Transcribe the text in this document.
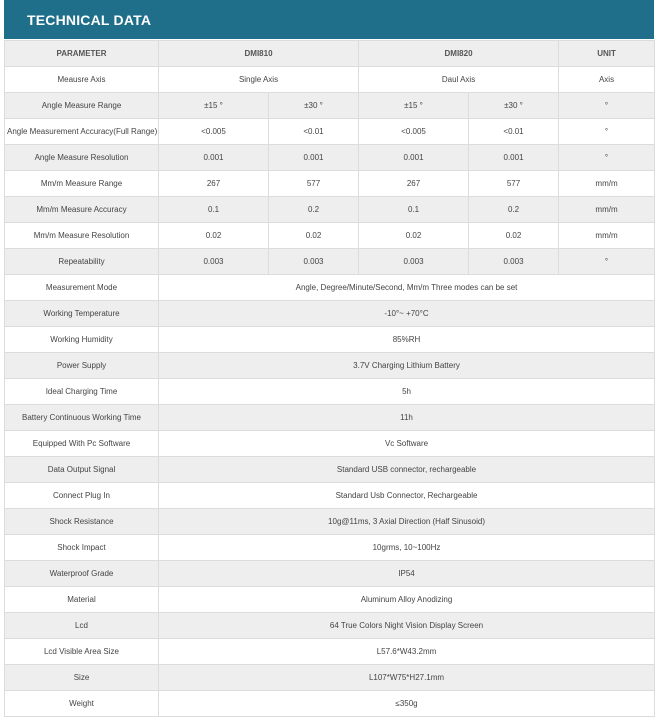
TECHNICAL DATA
PARAMETER	DMI810		DMI820		UNIT
Meausre Axis	Single Axis		Daul Axis		Axis
Angle Measure Range	±15 °	±30 °	±15 °	±30 °	°
Angle Measurement Accuracy(Full Range)	<0.005	<0.01	<0.005	<0.01	°
Angle Measure Resolution	0.001	0.001	0.001	0.001	°
Mm/m Measure Range	267	577	267	577	mm/m
Mm/m Measure Accuracy	0.1	0.2	0.1	0.2	mm/m
Mm/m Measure Resolution	0.02	0.02	0.02	0.02	mm/m
Repeatability	0.003	0.003	0.003	0.003	°
Measurement Mode	Angle, Degree/Minute/Second, Mm/m Three modes can be set				
Working Temperature	-10°~ +70°C				
Working Humidity	85%RH				
Power Supply	3.7V Charging Lithium Battery				
Ideal Charging Time	5h				
Battery Continuous Working Time	11h				
Equipped With Pc Software	Vc Software				
Data Output Signal	Standard USB connector, rechargeable				
Connect Plug In	Standard Usb Connector, Rechargeable				
Shock Resistance	10g@11ms, 3 Axial Direction (Half Sinusoid)				
Shock Impact	10grms, 10~100Hz				
Waterproof Grade	IP54				
Material	Aluminum Alloy Anodizing				
Lcd	64 True Colors Night Vision Display Screen				
Lcd Visible Area Size	L57.6*W43.2mm				
Size	L107*W75*H27.1mm				
Weight	≤350g				
